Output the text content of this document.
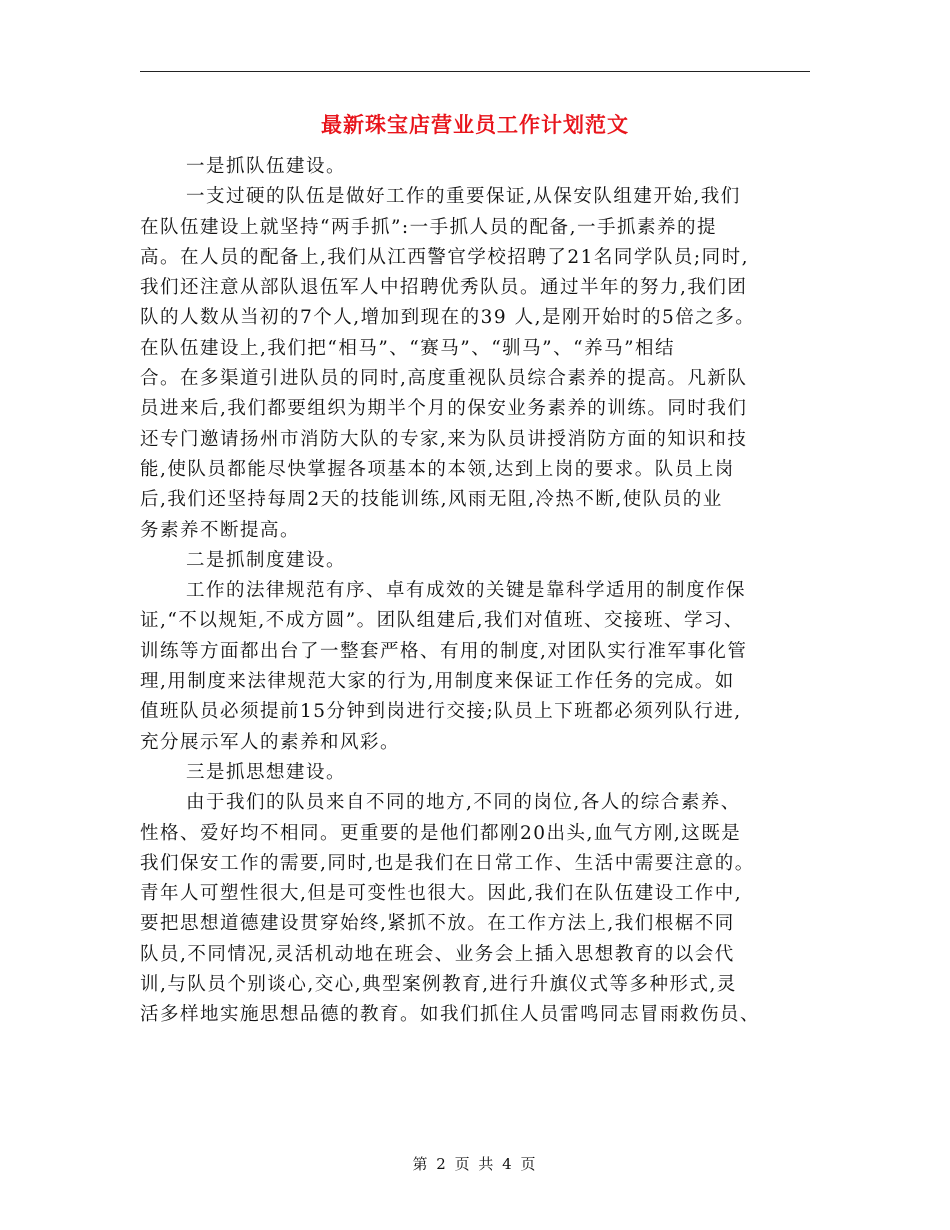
最新珠宝店营业员工作计划范文
一是抓队伍建设。
一支过硬的队伍是做好工作的重要保证,从保安队组建开始,我们
在队伍建设上就坚持“两手抓”:一手抓人员的配备,一手抓素养的提
高。在人员的配备上,我们从江西警官学校招聘了21名同学队员;同时,
我们还注意从部队退伍军人中招聘优秀队员。通过半年的努力,我们团
队的人数从当初的7个人,增加到现在的39 人,是刚开始时的5倍之多。
在队伍建设上,我们把“相马”、“赛马”、“驯马”、“养马”相结
合。在多渠道引进队员的同时,高度重视队员综合素养的提高。凡新队
员进来后,我们都要组织为期半个月的保安业务素养的训练。同时我们
还专门邀请扬州市消防大队的专家,来为队员讲授消防方面的知识和技
能,使队员都能尽快掌握各项基本的本领,达到上岗的要求。队员上岗
后,我们还坚持每周2天的技能训练,风雨无阻,冷热不断,使队员的业
务素养不断提高。
二是抓制度建设。
工作的法律规范有序、卓有成效的关键是靠科学适用的制度作保
证,“不以规矩,不成方圆”。团队组建后,我们对值班、交接班、学习、
训练等方面都出台了一整套严格、有用的制度,对团队实行准军事化管
理,用制度来法律规范大家的行为,用制度来保证工作任务的完成。如
值班队员必须提前15分钟到岗进行交接;队员上下班都必须列队行进,
充分展示军人的素养和风彩。
三是抓思想建设。
由于我们的队员来自不同的地方,不同的岗位,各人的综合素养、
性格、爱好均不相同。更重要的是他们都刚20出头,血气方刚,这既是
我们保安工作的需要,同时,也是我们在日常工作、生活中需要注意的。
青年人可塑性很大,但是可变性也很大。因此,我们在队伍建设工作中,
要把思想道德建设贯穿始终,紧抓不放。在工作方法上,我们根椐不同
队员,不同情况,灵活机动地在班会、业务会上插入思想教育的以会代
训,与队员个别谈心,交心,典型案例教育,进行升旗仪式等多种形式,灵
活多样地实施思想品德的教育。如我们抓住人员雷鸣同志冒雨救伤员、
第 2 页 共 4 页
